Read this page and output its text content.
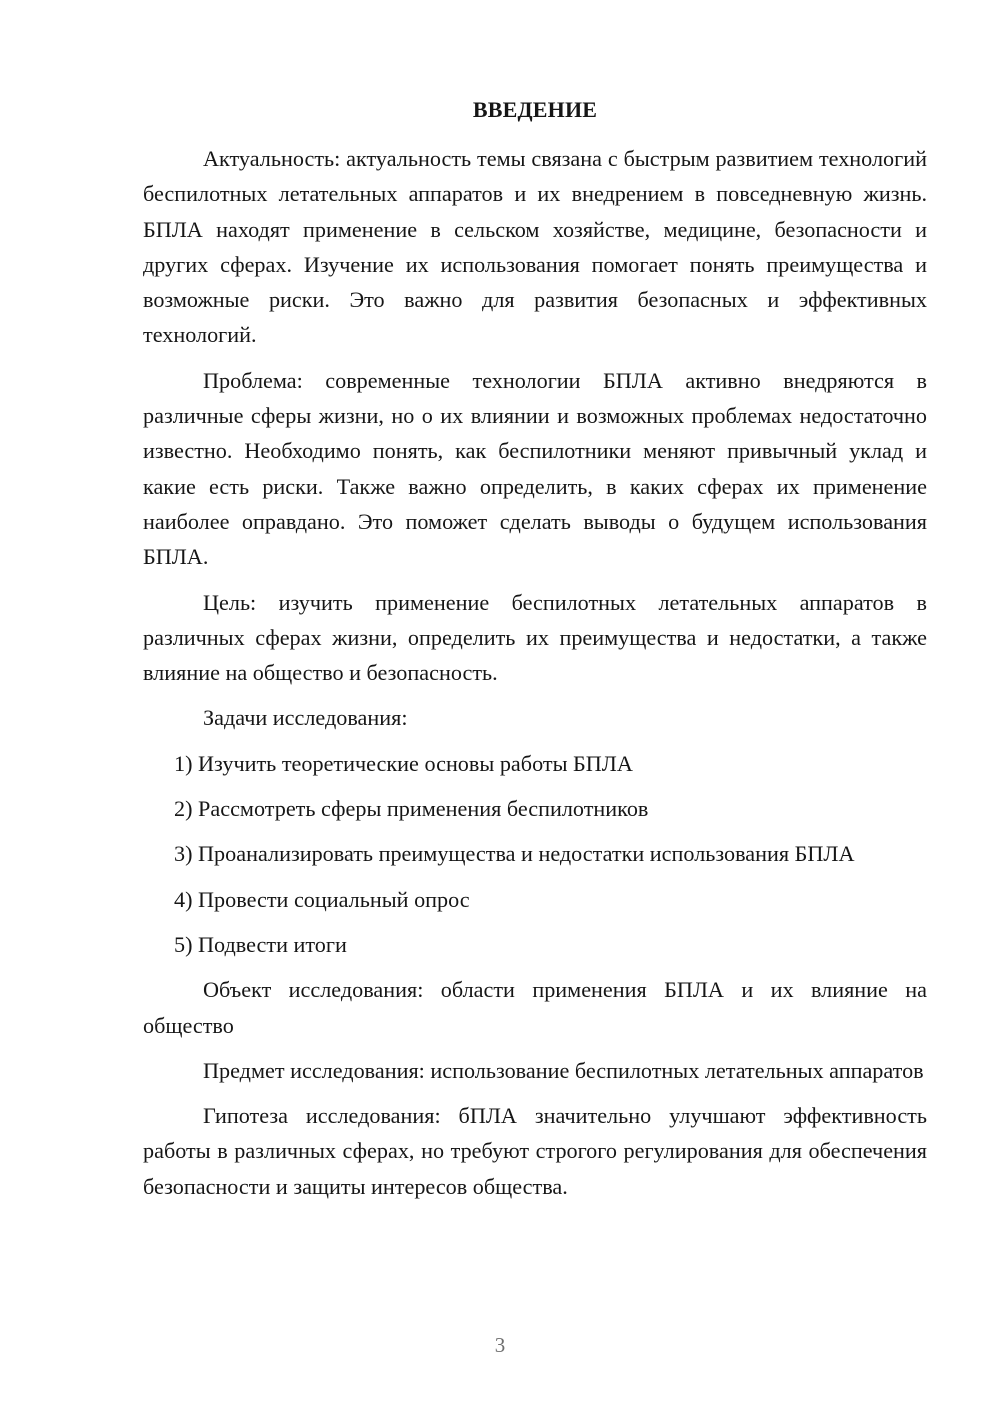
ВВЕДЕНИЕ

Актуальность: актуальность темы связана с быстрым развитием технологий беспилотных летательных аппаратов и их внедрением в повседневную жизнь. БПЛА находят применение в сельском хозяйстве, медицине, безопасности и других сферах. Изучение их использования помогает понять преимущества и возможные риски. Это важно для развития безопасных и эффективных технологий.

Проблема: современные технологии БПЛА активно внедряются в различные сферы жизни, но о их влиянии и возможных проблемах недостаточно известно. Необходимо понять, как беспилотники меняют привычный уклад и какие есть риски. Также важно определить, в каких сферах их применение наиболее оправдано. Это поможет сделать выводы о будущем использования БПЛА.

Цель: изучить применение беспилотных летательных аппаратов в различных сферах жизни, определить их преимущества и недостатки, а также влияние на общество и безопасность.

Задачи исследования:

1) Изучить теоретические основы работы БПЛА

2) Рассмотреть сферы применения беспилотников

3) Проанализировать преимущества и недостатки использования БПЛА

4) Провести социальный опрос

5) Подвести итоги

Объект исследования: области применения БПЛА и их влияние на общество

Предмет исследования: использование беспилотных летательных аппаратов

Гипотеза исследования: бПЛА значительно улучшают эффективность работы в различных сферах, но требуют строгого регулирования для обеспечения безопасности и защиты интересов общества.

3
